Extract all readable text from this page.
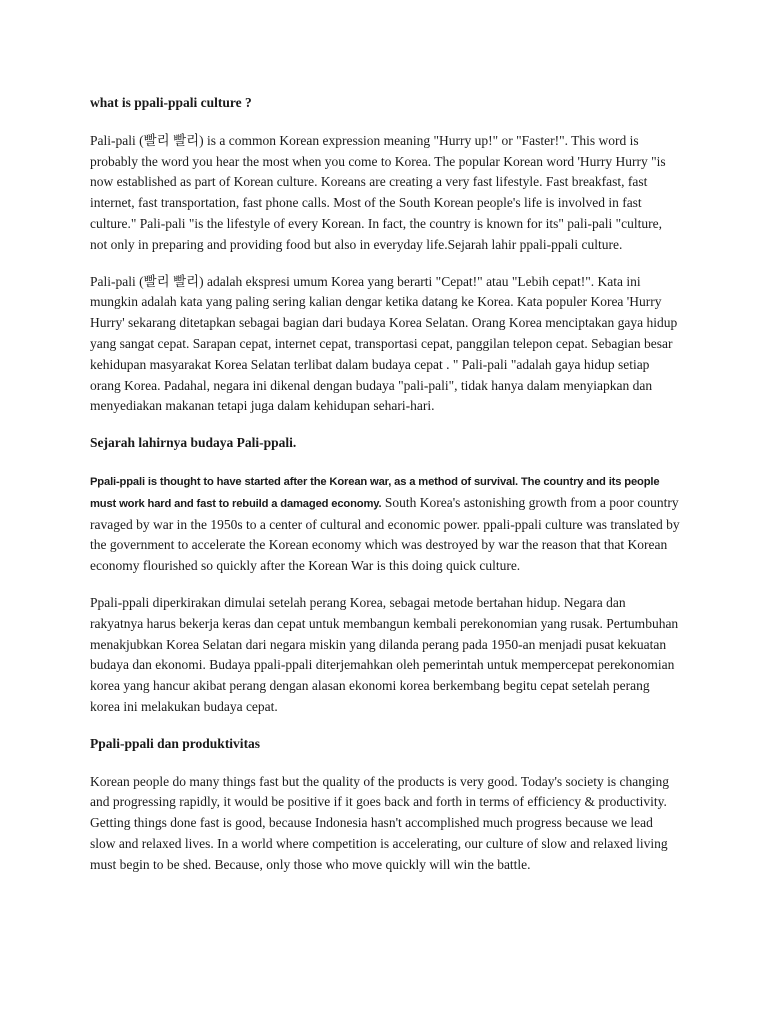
what is ppali-ppali culture ?

Pali-pali (빨리 빨리) is a common Korean expression meaning "Hurry up!" or "Faster!". This word is probably the word you hear the most when you come to Korea. The popular Korean word 'Hurry Hurry "is now established as part of Korean culture. Koreans are creating a very fast lifestyle. Fast breakfast, fast internet, fast transportation, fast phone calls. Most of the South Korean people's life is involved in fast culture." Pali-pali "is the lifestyle of every Korean. In fact, the country is known for its" pali-pali "culture, not only in preparing and providing food but also in everyday life.Sejarah lahir ppali-ppali culture.

Pali-pali (빨리 빨리) adalah ekspresi umum Korea yang berarti "Cepat!" atau "Lebih cepat!". Kata ini mungkin adalah kata yang paling sering kalian dengar ketika datang ke Korea. Kata populer Korea 'Hurry Hurry' sekarang ditetapkan sebagai bagian dari budaya Korea Selatan. Orang Korea menciptakan gaya hidup yang sangat cepat. Sarapan cepat, internet cepat, transportasi cepat, panggilan telepon cepat. Sebagian besar kehidupan masyarakat Korea Selatan terlibat dalam budaya cepat . " Pali-pali "adalah gaya hidup setiap orang Korea. Padahal, negara ini dikenal dengan budaya "pali-pali", tidak hanya dalam menyiapkan dan menyediakan makanan tetapi juga dalam kehidupan sehari-hari.

Sejarah lahirnya budaya Pali-ppali.

Ppali-ppali is thought to have started after the Korean war, as a method of survival. The country and its people must work hard and fast to rebuild a damaged economy. South Korea's astonishing growth from a poor country ravaged by war in the 1950s to a center of cultural and economic power. ppali-ppali culture was translated by the government to accelerate the Korean economy which was destroyed by war the reason that that Korean economy flourished so quickly after the Korean War is this doing quick culture.

Ppali-ppali diperkirakan dimulai setelah perang Korea, sebagai metode bertahan hidup. Negara dan rakyatnya harus bekerja keras dan cepat untuk membangun kembali perekonomian yang rusak. Pertumbuhan menakjubkan Korea Selatan dari negara miskin yang dilanda perang pada 1950-an menjadi pusat kekuatan budaya dan ekonomi. Budaya ppali-ppali diterjemahkan oleh pemerintah untuk mempercepat perekonomian korea yang hancur akibat perang dengan alasan ekonomi korea berkembang begitu cepat setelah perang korea ini melakukan budaya cepat.

Ppali-ppali dan produktivitas

Korean people do many things fast but the quality of the products is very good. Today's society is changing and progressing rapidly, it would be positive if it goes back and forth in terms of efficiency & productivity. Getting things done fast is good, because Indonesia hasn't accomplished much progress because we lead slow and relaxed lives. In a world where competition is accelerating, our culture of slow and relaxed living must begin to be shed. Because, only those who move quickly will win the battle.
